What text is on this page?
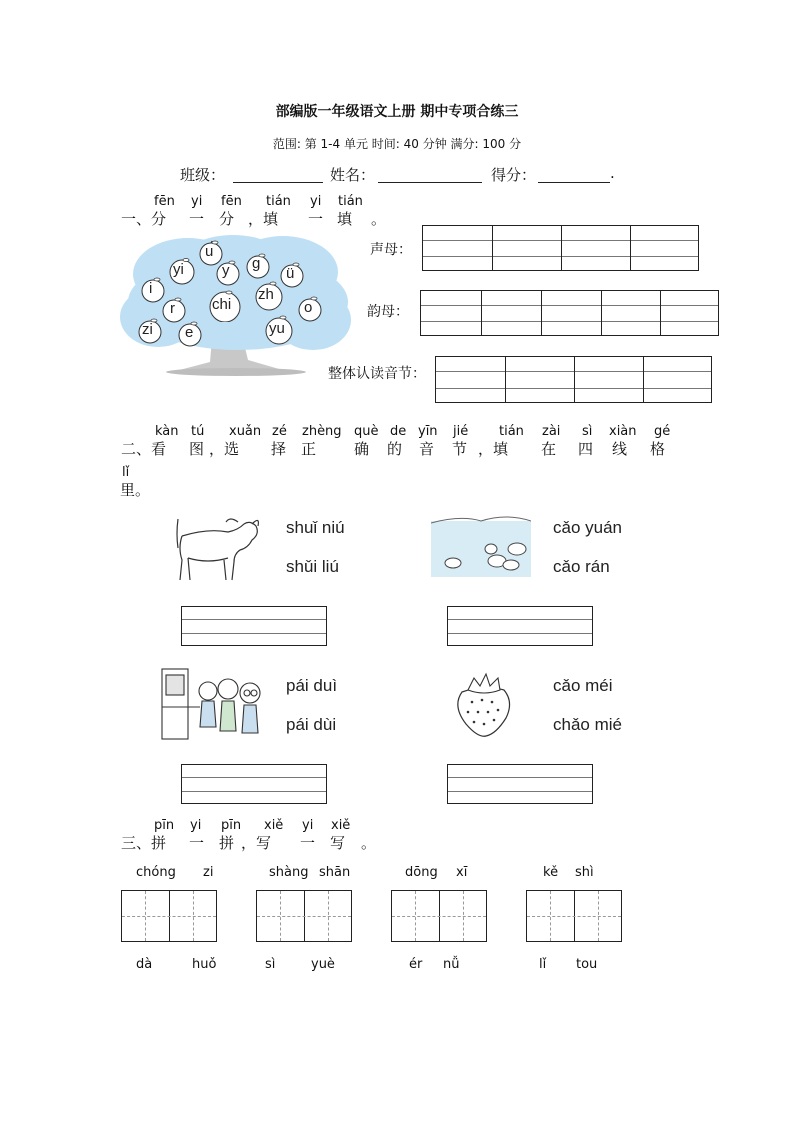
部编版一年级语文上册 期中专项合练三
范围: 第 1-4 单元 时间: 40 分钟 满分: 100 分
班级：	姓名：	得分：	.
fēn yi fēn tián yi tián
一、分 一 分 ，填 一 填 。
u
yi	y g
ü
i
r chi
zh
o
zi e	yu
声母：
韵母：
整体认读音节：
kàn tú xuǎn zé zhèng què de yīn jié tián zài sì xiàn gé
二、看 图 ，选 择 正	确 的 音 节 ，填 在 四 线 格
lǐ
里。
shuǐ niú
shǔi liú
cǎo yuán
cǎo rán
pái duì
pái dùi
cǎo méi
chǎo mié
pīn yi pīn xiě yi xiě
三、拼 一 拼 ，写 一 写 。
chóng zi	shàng shān	dōng xī	kě shì
dà	huǒ	sì	yuè	ér nǚ	lǐ tou
